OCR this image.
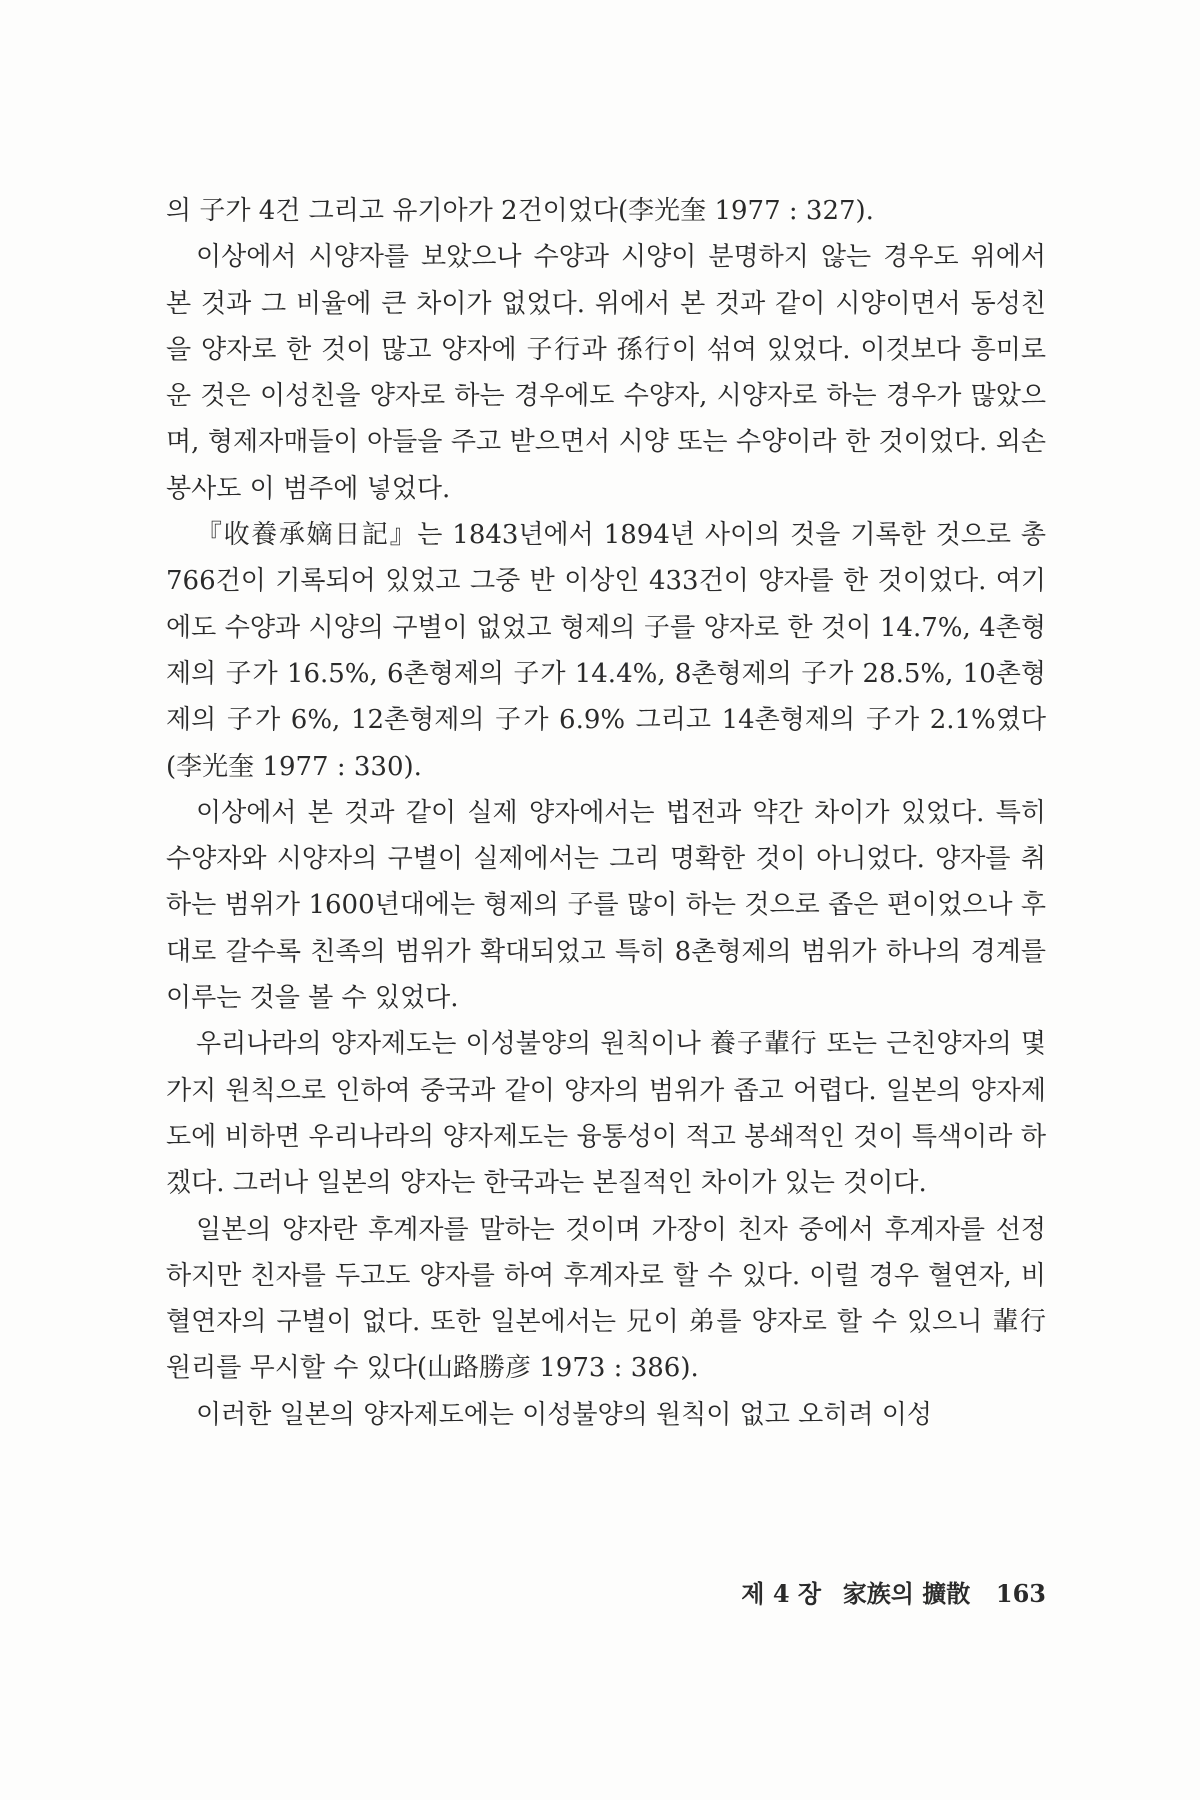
의 子가 4건 그리고 유기아가 2건이었다(李光奎 1977 : 327).

이상에서 시양자를 보았으나 수양과 시양이 분명하지 않는 경우도 위에서 본 것과 그 비율에 큰 차이가 없었다. 위에서 본 것과 같이 시양이면서 동성친을 양자로 한 것이 많고 양자에 子行과 孫行이 섞여 있었다. 이것보다 흥미로운 것은 이성친을 양자로 하는 경우에도 수양자, 시양자로 하는 경우가 많았으며, 형제자매들이 아들을 주고 받으면서 시양 또는 수양이라 한 것이었다. 외손봉사도 이 범주에 넣었다.

『收養承嫡日記』는 1843년에서 1894년 사이의 것을 기록한 것으로 총 766건이 기록되어 있었고 그중 반 이상인 433건이 양자를 한 것이었다. 여기에도 수양과 시양의 구별이 없었고 형제의 子를 양자로 한 것이 14.7%, 4촌형제의 子가 16.5%, 6촌형제의 子가 14.4%, 8촌형제의 子가 28.5%, 10촌형제의 子가 6%, 12촌형제의 子가 6.9% 그리고 14촌형제의 子가 2.1%였다(李光奎 1977 : 330).

이상에서 본 것과 같이 실제 양자에서는 법전과 약간 차이가 있었다. 특히 수양자와 시양자의 구별이 실제에서는 그리 명확한 것이 아니었다. 양자를 취하는 범위가 1600년대에는 형제의 子를 많이 하는 것으로 좁은 편이었으나 후대로 갈수록 친족의 범위가 확대되었고 특히 8촌형제의 범위가 하나의 경계를 이루는 것을 볼 수 있었다.

우리나라의 양자제도는 이성불양의 원칙이나 養子輩行 또는 근친양자의 몇 가지 원칙으로 인하여 중국과 같이 양자의 범위가 좁고 어렵다. 일본의 양자제도에 비하면 우리나라의 양자제도는 융통성이 적고 봉쇄적인 것이 특색이라 하겠다. 그러나 일본의 양자는 한국과는 본질적인 차이가 있는 것이다.

일본의 양자란 후계자를 말하는 것이며 가장이 친자 중에서 후계자를 선정하지만 친자를 두고도 양자를 하여 후계자로 할 수 있다. 이럴 경우 혈연자, 비혈연자의 구별이 없다. 또한 일본에서는 兄이 弟를 양자로 할 수 있으니 輩行원리를 무시할 수 있다(山路勝彦 1973 : 386).

이러한 일본의 양자제도에는 이성불양의 원칙이 없고 오히려 이성

제 4 장 家族의 擴散 163
